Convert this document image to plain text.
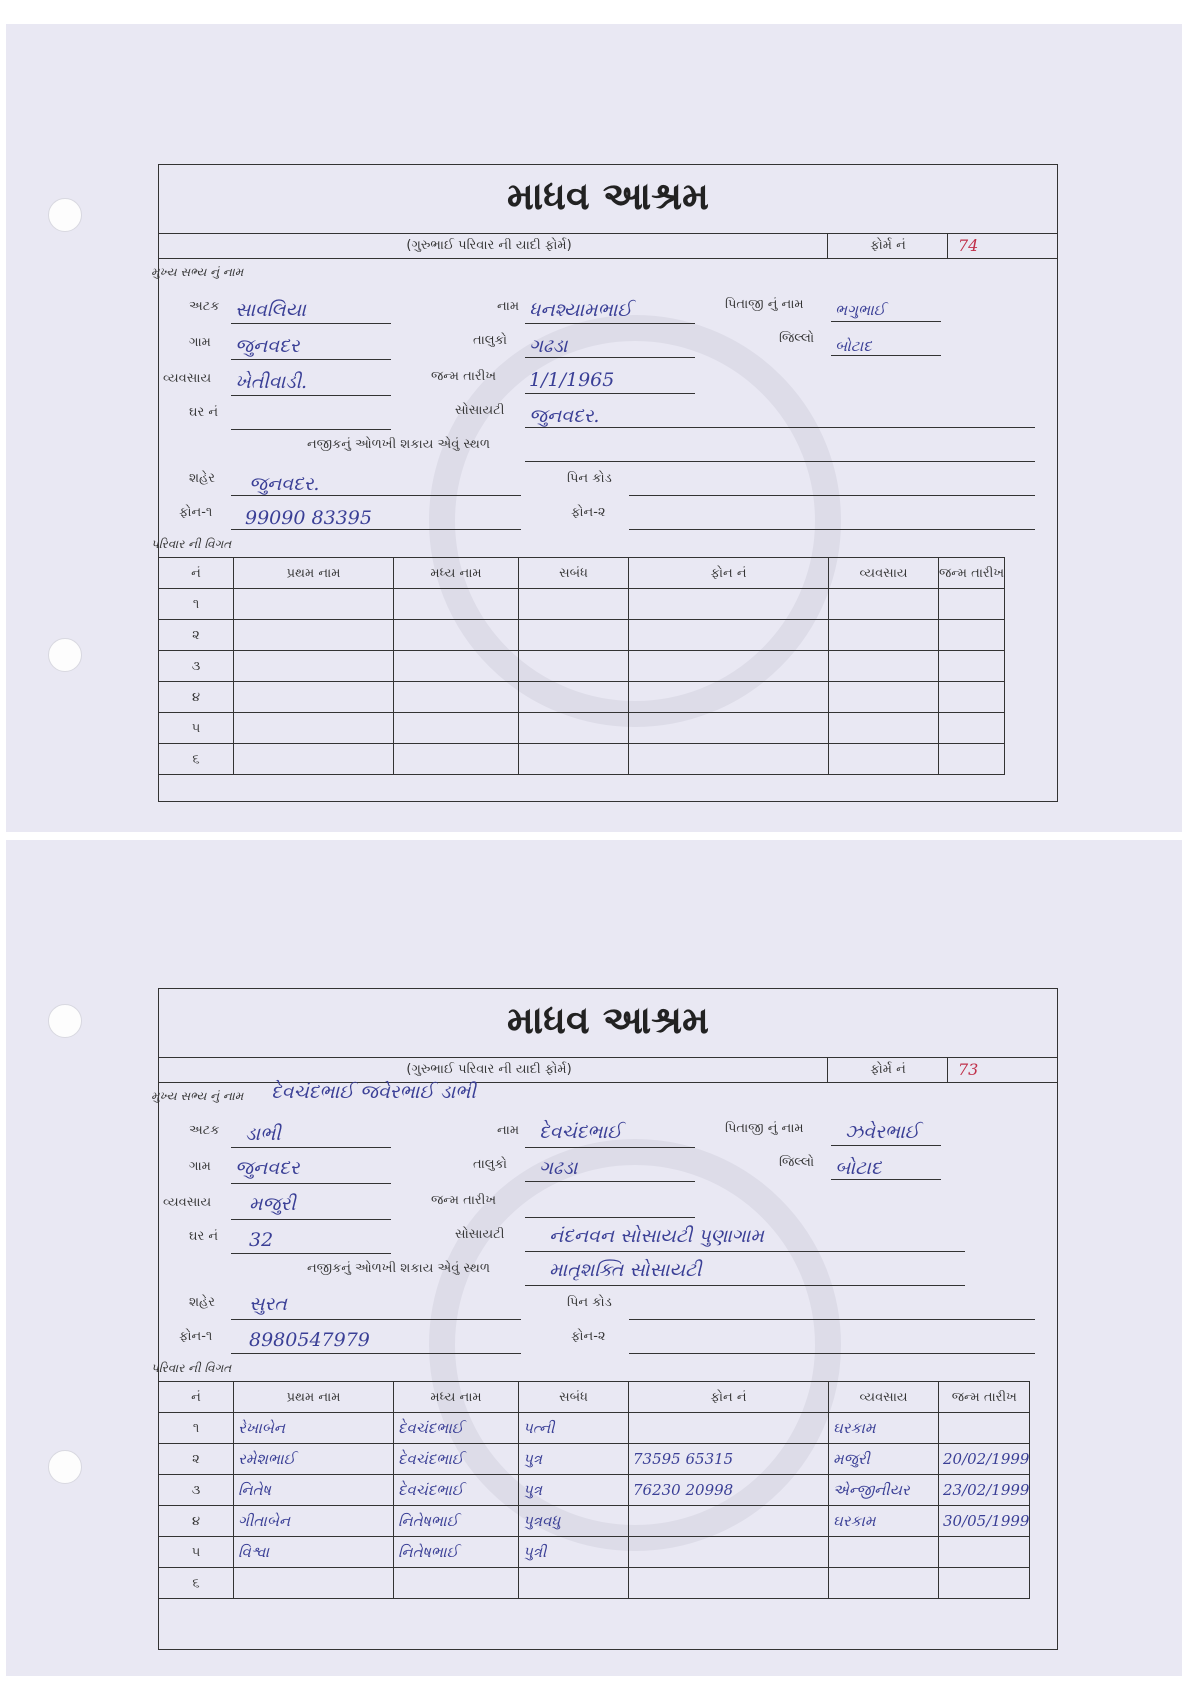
માધવ આશ્રમ
(ગુરુભાઈ પરિવાર ની યાદી ફોર્મ)	ફોર્મ નં	74
મુખ્ય સભ્ય નું નામ
અટક સાવલિયા	નામ ધનશ્યામભાઈ	પિતાજી નું નામ ભગુભાઈ
ગામ જુનવદર	તાલુકો ગઢડા	જિલ્લો બોટાદ
વ્યવસાય ખેતીવાડી.	જન્મ તારીખ 1/1/1965
ઘર નં	સોસાયટી જુનવદર.
નજીકનું ઓળખી શકાય એવું સ્થળ
શહેર જુનવદર.	પિન કોડ
ફોન-૧ 99090 83395	ફોન-૨
પરિવાર ની વિગત
નં	પ્રથમ નામ	મધ્ય નામ	સબંધ	ફોન નં	વ્યવસાય	જન્મ તારીખ
૧						
૨						
૩						
૪						
૫						
૬						
માધવ આશ્રમ
(ગુરુભાઈ પરિવાર ની યાદી ફોર્મ)	ફોર્મ નં	73
મુખ્ય સભ્ય નું નામ દેવચંદભાઈ જવેરભાઈ ડાભી
અટક ડાભી	નામ દેવચંદભાઈ	પિતાજી નું નામ ઝવેરભાઈ
ગામ જુનવદર	તાલુકો ગઢડા	જિલ્લો બોટાદ
વ્યવસાય મજુરી	જન્મ તારીખ
ઘર નં 32	સોસાયટી નંદનવન સોસાયટી પુણાગામ
નજીકનું ઓળખી શકાય એવું સ્થળ	માતૃશક્તિ સોસાયટી
શહેર સુરત	પિન કોડ
ફોન-૧ 8980547979	ફોન-૨
પરિવાર ની વિગત
નં	પ્રથમ નામ	મધ્ય નામ	સબંધ	ફોન નં	વ્યવસાય	જન્મ તારીખ
૧	રેખાબેન	દેવચંદભાઈ	પત્ની		ઘરકામ	
૨	રમેશભાઈ	દેવચંદભાઈ	પુત્ર	73595 65315	મજુરી	20/02/1999
૩	નિતેષ	દેવચંદભાઈ	પુત્ર	76230 20998	એન્જીનીયર	23/02/1999
૪	ગીતાબેન	નિતેષભાઈ	પુત્રવધુ		ઘરકામ	30/05/1999
૫	વિશ્વા	નિતેષભાઈ	પુત્રી			
૬						
